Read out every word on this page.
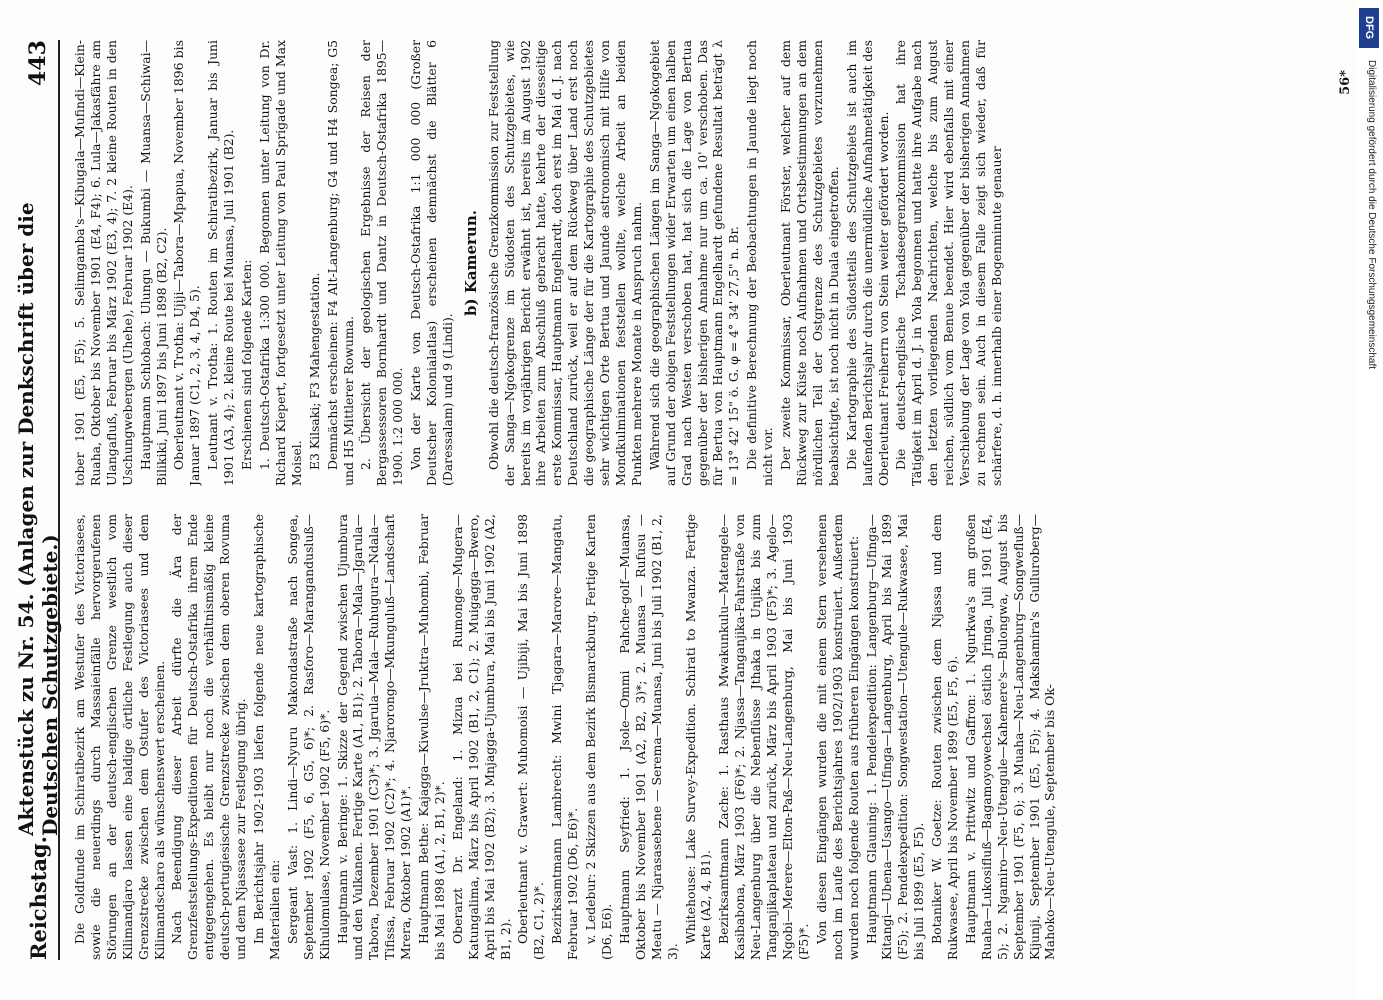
Reichstag.
Aktenstück zu Nr. 54. (Anlagen zur Denkschrift über die Deutschen Schutzgebiete.)
443

Die Goldfunde im Schiratibezirk am Westufer des Victoriasees, sowie die neuerdings durch Massaieinfälle hervorgerufenen Störungen an der deutsch-englischen Grenze westlich vom Kilimandjaro lassen eine baldige örtliche Festlegung auch dieser Grenzstrecke zwischen dem Ostufer des Victoriasees und dem Kilimandscharo als wünschenswert erscheinen. Nach Beendigung dieser Arbeit dürfte die Ära der Grenzfeststellungs-Expeditionen für Deutsch-Ostafrika ihrem Ende entgegengehen. Es bleibt nur noch die verhältnismäßig kleine deutsch-portugiesische Grenzstrecke zwischen dem oberen Rovuma und dem Njassasee zur Festlegung übrig. Im Berichtsjahr 1902-1903 liefen folgende neue kartographische Materialien ein: Sergeant Vast: 1. Lindi—Nyuru Makondastraße nach Songea, September 1902 (F5, 6, G5, 6)*; 2. Rasforo—Marangandusluß—Kihulomulase, November 1902 (F5, 6)*. Hauptmann v. Beringe: 1. Skizze der Gegend zwischen Ujumbura und den Vulkanen. Fertige Karte (A1, B1); 2. Tabora—Mala—Jgarula—Tabora, Dezember 1901 (C3)*; 3. Jgarula—Mala—Ruhugura—Ndala—Tifissa, Februar 1902 (C2)*; 4. Njarorongo—Mkunguluß—Landschaft Mrera, Oktober 1902 (A1)*. Hauptmann Bethe: Kajagga—Kiwulse—Jruktra—Muhombi, Februar bis Mai 1898 (A1, 2, B1, 2)*. Oberarzt Dr. Engeland: 1. Mizua bei Rumonge—Mugera—Katungalima, März bis April 1902 (B1, 2, C1); 2. Muigagga—Bwero, April bis Mai 1902 (B2); 3. Mnjagga-Ujumbura, Mai bis Juni 1902 (A2, B1, 2). Oberleutnant v. Grawert: Muhomoisi — Ujibiji, Mai bis Juni 1898 (B2, C1, 2)*. Bezirksamtmann Lambrecht: Mwini Tjagara—Marore—Mangatu, Februar 1902 (D6, E6)*. v. Ledebur: 2 Skizzen aus dem Bezirk Bismarckburg. Fertige Karten (D6, E6). Hauptmann Seyfried: 1. Jsole—Ommi Pahche-golf—Muansa, Oktober bis November 1901 (A2, B2, 3)*; 2. Muansa — Rufusu — Meatu — Njarasasebene — Serema—Muansa, Juni bis Juli 1902 (B1, 2, 3).

Whitehouse: Lake Survey-Expedition. Schirati to Mwanza. Fertige Karte (A2, 4, B1). Bezirksamtmann Zache: 1. Rasthaus Mwakunkulu—Matengele—Kasibabona, März 1903 (F6)*; 2. Njassa—Tanganjika-Fahrstraße von Neu-Langenburg über die Nebenflüsse Jthaka in Unjika bis zum Tanganjikaplateau und zurück, März bis April 1903 (F5)*; 3. Agelo—Ngobi—Merere—Elton-Paß—Neu-Langenburg, Mai bis Juni 1903 (F5)*. Von diesen Eingängen wurden die mit einem Stern versehenen noch im Laufe des Berichtsjahres 1902/1903 konstruiert. Außerdem wurden noch folgende Routen aus früheren Eingängen konstruiert: Hauptmann Glauning: 1. Pendelexpedition: Langenburg—Ufinga—Kitangi—Ubena—Usango—Ufinga—Langenburg, April bis Mai 1899 (F5); 2. Pendelexpedition: Songwestation—Utengule—Rukwasee, Mai bis Juli 1899 (E5, F5). Botaniker W. Goetze: Routen zwischen dem Njassa und dem Rukwasee, April bis November 1899 (E5, F5, 6). Hauptmann v. Prittwitz und Gaffron: 1. Ngurkwa's am großen Ruaha—Lukosifluß—Bagamoyowechsel östlich Jringa, Juli 1901 (E4, 5); 2. Ngamiro—Neu-Utengule—Kahemere's—Bulongwa, August bis September 1901 (F5, 6); 3. Muaha—Neu-Langenburg—Songwefluß—Kijunji, September 1901 (E5, F5); 4. Makshamira's Gulluroberg—Mahoko—Neu-Utengule, September bis Ok-

tober 1901 (E5, F5); 5. Selimgamba's—Kibugala—Mufindi—Klein-Ruaha, Oktober bis November 1901 (E4, F4); 6. Lula—Jakasfähre am Ulangafluß, Februar bis März 1902 (E3, 4); 7. 2 kleine Routen in den Uschungwebergen (Uhehe), Februar 1902 (E4). Hauptmann Schlobach: Ulungu — Bukumbi — Muansa—Schiwai—Bilikiki, Juni 1897 bis Juni 1898 (B2, C2). Oberleutnant v. Trotha: Ujiji—Tabora—Mpapua, November 1896 bis Januar 1897 (C1, 2, 3, 4, D4, 5). Leutnant v. Trotha: 1. Routen im Schiratibezirk, Januar bis Juni 1901 (A3, 4); 2. kleine Route bei Muansa, Juli 1901 (B2). Erschienen sind folgende Karten: 1. Deutsch-Ostafrika 1:300 000. Begonnen unter Leitung von Dr. Richard Kiepert, fortgesetzt unter Leitung von Paul Sprigade und Max Moisel. E3 Kilsaki; F3 Mahengestation. Demnächst erscheinen: F4 Alt-Langenburg; G4 und H4 Songea; G5 und H5 Mittlerer Rowuma. 2. Übersicht der geologischen Ergebnisse der Reisen der Bergassessoren Bornhardt und Dantz in Deutsch-Ostafrika 1895—1900. 1:2 000 000. Von der Karte von Deutsch-Ostafrika 1:1 000 000 (Großer Deutscher Kolonialatlas) erscheinen demnächst die Blätter 6 (Daressalam) und 9 (Lindi).

b) Kamerun. Obwohl die deutsch-französische Grenzkommission zur Feststellung der Sanga—Ngokogrenze im Südosten des Schutzgebietes, wie bereits im vorjährigen Bericht erwähnt ist, bereits im August 1902 ihre Arbeiten zum Abschluß gebracht hatte, kehrte der diesseitige erste Kommissar, Hauptmann Engelhardt, doch erst im Mai d. J. nach Deutschland zurück, weil er auf dem Rückweg über Land erst noch die geographische Länge der für die Kartographie des Schutzgebietes sehr wichtigen Orte Bertua und Jaunde astronomisch mit Hilfe von Mondkulminationen feststellen wollte, welche Arbeit an beiden Punkten mehrere Monate in Anspruch nahm. Während sich die geographischen Längen im Sanga—Ngokogebiet auf Grund der obigen Feststellungen wider Erwarten um einen halben Grad nach Westen verschoben hat, hat sich die Lage von Bertua gegenüber der bisherigen Annahme nur um ca. 10' verschoben. Das für Bertua von Hauptmann Engelhardt gefundene Resultat beträgt λ = 13° 42' 15" ö. G. φ = 4° 34' 27,5" n. Br. Die definitive Berechnung der Beobachtungen in Jaunde liegt noch nicht vor. Der zweite Kommissar, Oberleutnant Förster, welcher auf dem Rückweg zur Küste noch Aufnahmen und Ortsbestimmungen an dem nördlichen Teil der Ostgrenze des Schutzgebietes vorzunehmen beabsichtigte, ist noch nicht in Duala eingetroffen. Die Kartographie des Südostteils des Schutzgebiets ist auch im laufenden Berichtsjahr durch die unermüdliche Aufnahmetätigkeit des Oberleutnant Freiherrn von Stein weiter gefördert worden. Die deutsch-englische Tschadseegrenzkommission hat ihre Tätigkeit im April d. J. in Yola begonnen und hatte ihre Aufgabe nach den letzten vorliegenden Nachrichten, welche bis zum August reichen, südlich vom Benue beendet. Hier wird ebenfalls mit einer Verschiebung der Lage von Yola gegenüber der bisherigen Annahmen zu rechnen sein. Auch in diesem Falle zeigt sich wieder, daß für schärfere, d. h. innerhalb einer Bogenminute genauer

56*
DFG
Digitalisierung gefördert durch die Deutsche Forschungsgemeinschaft
